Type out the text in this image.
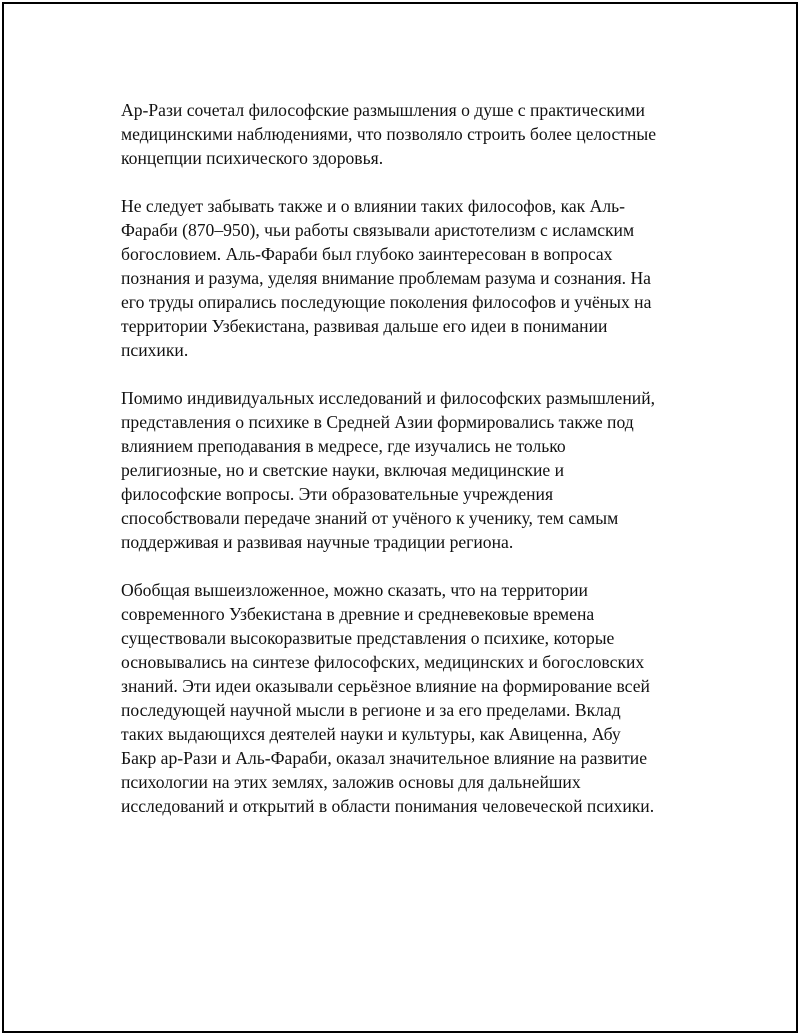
Ар-Рази сочетал философские размышления о душе с практическими
медицинскими наблюдениями, что позволяло строить более целостные
концепции психического здоровья.

Не следует забывать также и о влиянии таких философов, как Аль-
Фараби (870–950), чьи работы связывали аристотелизм с исламским
богословием. Аль-Фараби был глубоко заинтересован в вопросах
познания и разума, уделяя внимание проблемам разума и сознания. На
его труды опирались последующие поколения философов и учёных на
территории Узбекистана, развивая дальше его идеи в понимании
психики.

Помимо индивидуальных исследований и философских размышлений,
представления о психике в Средней Азии формировались также под
влиянием преподавания в медресе, где изучались не только
религиозные, но и светские науки, включая медицинские и
философские вопросы. Эти образовательные учреждения
способствовали передаче знаний от учёного к ученику, тем самым
поддерживая и развивая научные традиции региона.

Обобщая вышеизложенное, можно сказать, что на территории
современного Узбекистана в древние и средневековые времена
существовали высокоразвитые представления о психике, которые
основывались на синтезе философских, медицинских и богословских
знаний. Эти идеи оказывали серьёзное влияние на формирование всей
последующей научной мысли в регионе и за его пределами. Вклад
таких выдающихся деятелей науки и культуры, как Авиценна, Абу
Бакр ар-Рази и Аль-Фараби, оказал значительное влияние на развитие
психологии на этих землях, заложив основы для дальнейших
исследований и открытий в области понимания человеческой психики.
